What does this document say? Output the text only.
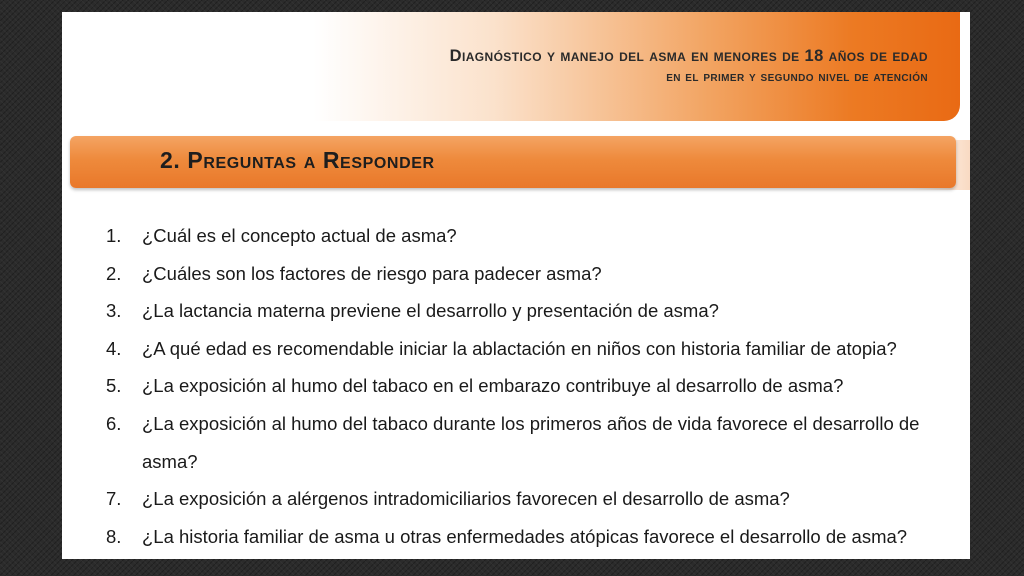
Diagnóstico y manejo del asma en menores de 18 años de edad
en el primer y segundo nivel de atención
2. Preguntas a Responder
1.	¿Cuál es el concepto actual de asma?
2.	¿Cuáles son los factores de riesgo para padecer asma?
3.	¿La lactancia materna previene el desarrollo y presentación de asma?
4.	¿A qué edad es recomendable iniciar la ablactación en niños con historia familiar de atopia?
5.	¿La exposición al humo del tabaco en el embarazo contribuye al desarrollo de asma?
6.	¿La exposición al humo del tabaco durante los primeros años de vida favorece el desarrollo de asma?
7.	¿La exposición a alérgenos intradomiciliarios favorecen el desarrollo de asma?
8.	¿La historia familiar de asma u otras enfermedades atópicas favorece el desarrollo de asma?
